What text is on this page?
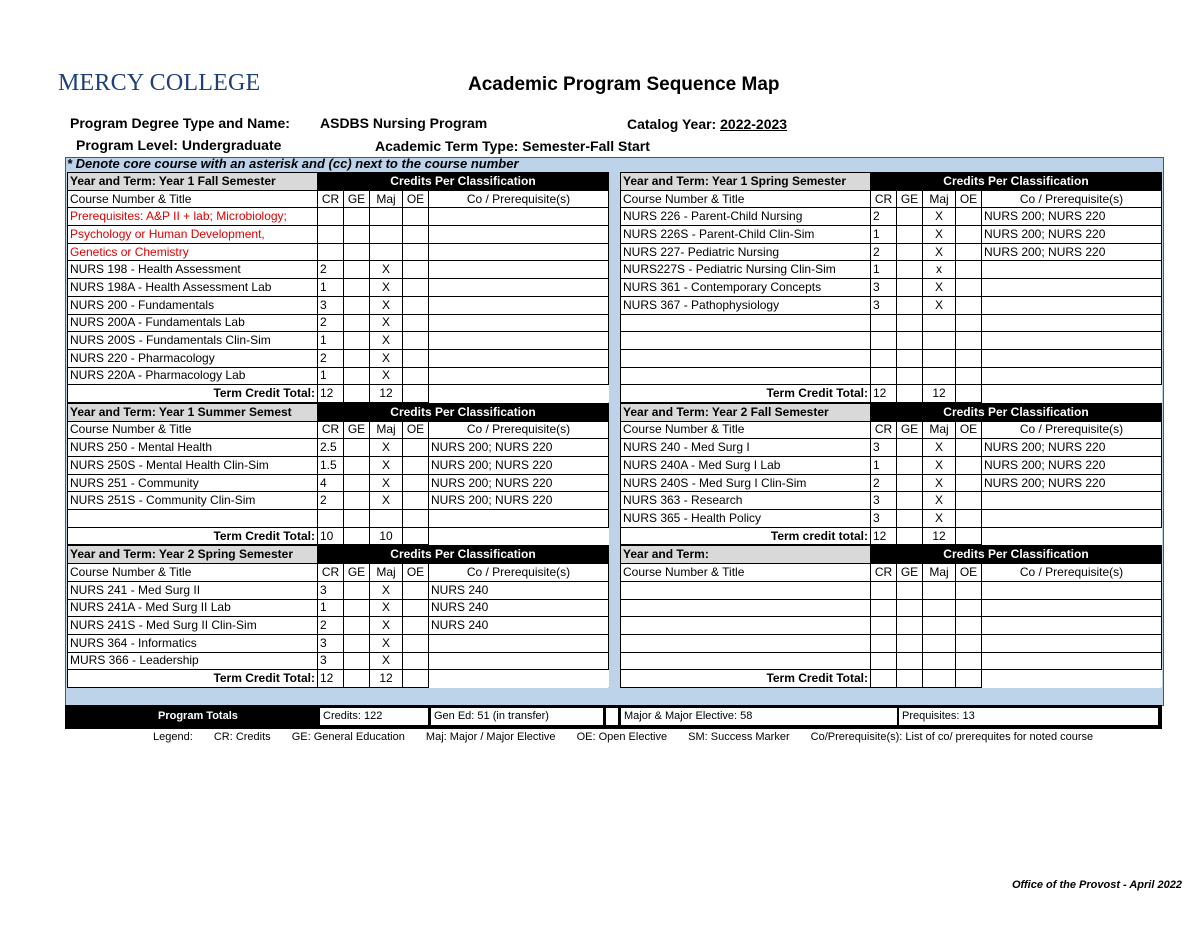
MERCY COLLEGE	Academic Program Sequence Map
Program Degree Type and Name: ASDBS Nursing Program	Catalog Year: 2022-2023
Program Level: Undergraduate	Academic Term Type: Semester-Fall Start
* Denote core course with an asterisk and (cc) next to the course number
Year and Term: Year 1 Fall Semester	Credits Per Classification				
Course Number & Title	CR	GE	Maj	OE	Co / Prerequisite(s)
Prerequisites: A&P II + lab; Microbiology;					
Psychology or Human Development,					
Genetics or Chemistry					
NURS 198 - Health Assessment	2		X		
NURS 198A - Health Assessment Lab	1		X		
NURS 200 - Fundamentals	3		X		
NURS 200A - Fundamentals Lab	2		X		
NURS 200S - Fundamentals Clin-Sim	1		X		
NURS 220 - Pharmacology	2		X		
NURS 220A - Pharmacology Lab	1		X		
Term Credit Total:	12		12		
Year and Term: Year 1 Summer Semest	Credits Per Classification				
Course Number & Title	CR	GE	Maj	OE	Co / Prerequisite(s)
NURS 250 - Mental Health	2.5		X		NURS 200; NURS 220
NURS 250S - Mental Health Clin-Sim	1.5		X		NURS 200; NURS 220
NURS 251 - Community	4		X		NURS 200; NURS 220
NURS 251S - Community Clin-Sim	2		X		NURS 200; NURS 220

Term Credit Total:	10		10		
Year and Term: Year 2 Spring Semester	Credits Per Classification				
Course Number & Title	CR	GE	Maj	OE	Co / Prerequisite(s)
NURS 241 - Med Surg II	3		X		NURS 240
NURS 241A - Med Surg II Lab	1		X		NURS 240
NURS 241S - Med Surg II Clin-Sim	2		X		NURS 240
NURS 364 - Informatics	3		X		
MURS 366 - Leadership	3		X		
Term Credit Total:	12		12		
Year and Term: Year 1 Spring Semester	Credits Per Classification				
Course Number & Title	CR	GE	Maj	OE	Co / Prerequisite(s)
NURS 226 - Parent-Child Nursing	2		X		NURS 200; NURS 220
NURS 226S - Parent-Child Clin-Sim	1		X		NURS 200; NURS 220
NURS 227- Pediatric Nursing	2		X		NURS 200; NURS 220
NURS227S - Pediatric Nursing Clin-Sim	1		x		
NURS 361 - Contemporary Concepts	3		X		
NURS 367 - Pathophysiology	3		X		

Term Credit Total:	12		12		
Year and Term: Year 2 Fall Semester	Credits Per Classification				
Course Number & Title	CR	GE	Maj	OE	Co / Prerequisite(s)
NURS 240 - Med Surg I	3		X		NURS 200; NURS 220
NURS 240A - Med Surg I Lab	1		X		NURS 200; NURS 220
NURS 240S - Med Surg I Clin-Sim	2		X		NURS 200; NURS 220
NURS 363 - Research	3		X		
NURS 365 - Health Policy	3		X		
Term credit total:	12		12		
Year and Term:	Credits Per Classification				
Course Number & Title	CR	GE	Maj	OE	Co / Prerequisite(s)

Term Credit Total:					
Program Totals	Credits: 122	Gen Ed: 51 (in transfer)	Major & Major Elective: 58	Prequisites: 13
Legend: CR: Credits GE: General Education Maj: Major / Major Elective OE: Open Elective SM: Success Marker Co/Prerequisite(s): List of co/ prerequites for noted course
Office of the Provost - April 2022
